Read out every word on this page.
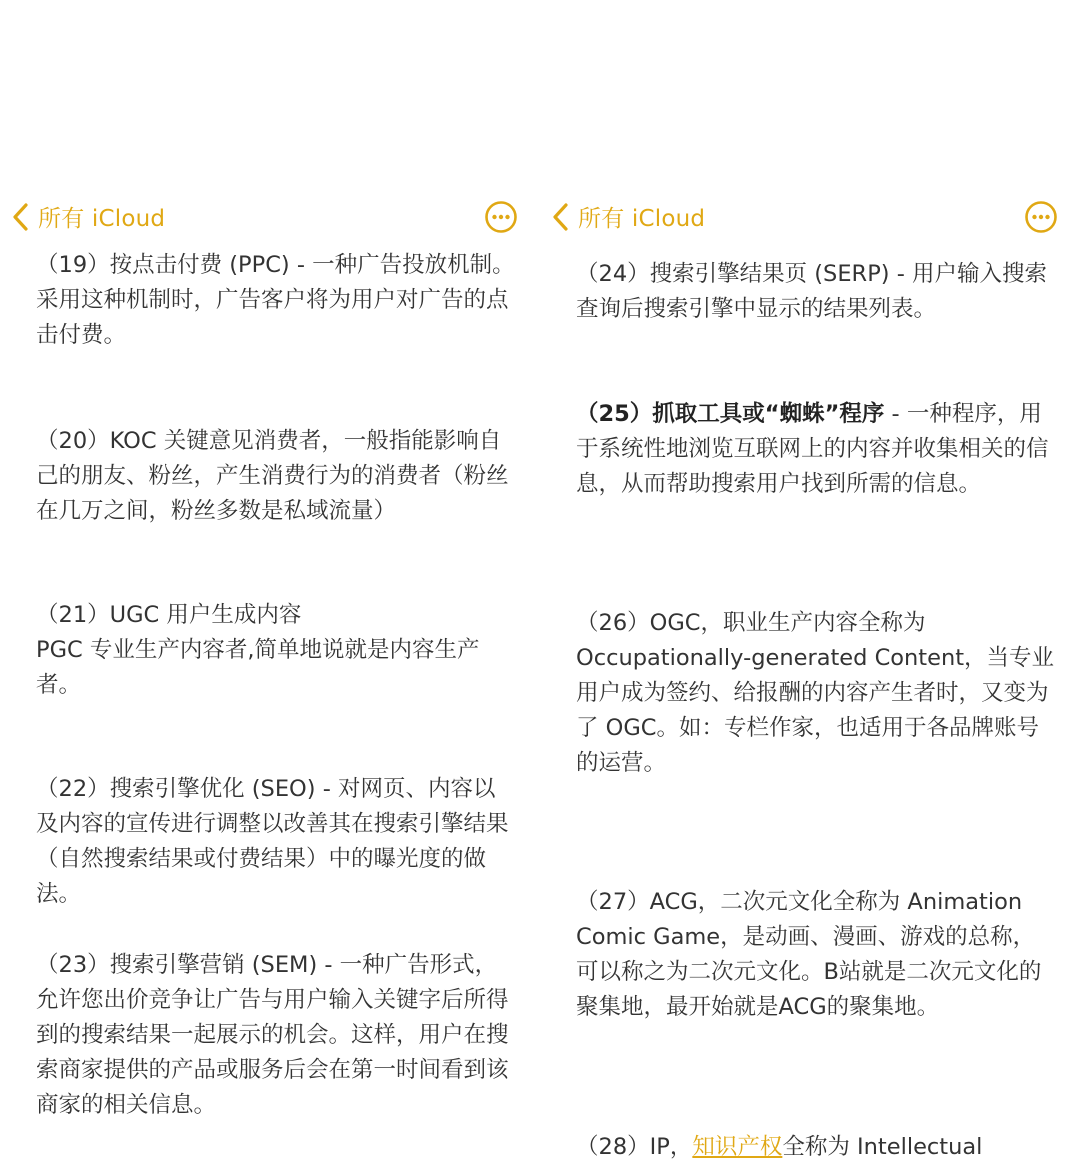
所有 iCloud

（19）按点击付费 (PPC) - 一种广告投放机制。采用这种机制时，广告客户将为用户对广告的点击付费。

（20）KOC 关键意见消费者，一般指能影响自己的朋友、粉丝，产生消费行为的消费者（粉丝在几万之间，粉丝多数是私域流量）

（21）UGC 用户生成内容
PGC 专业生产内容者,简单地说就是内容生产者。

（22）搜索引擎优化 (SEO) - 对网页、内容以及内容的宣传进行调整以改善其在搜索引擎结果（自然搜索结果或付费结果）中的曝光度的做法。

（23）搜索引擎营销 (SEM) - 一种广告形式，允许您出价竞争让广告与用户输入关键字后所得到的搜索结果一起展示的机会。这样，用户在搜索商家提供的产品或服务后会在第一时间看到该商家的相关信息。

所有 iCloud

（24）搜索引擎结果页 (SERP) - 用户输入搜索查询后搜索引擎中显示的结果列表。

（25）抓取工具或“蜘蛛”程序 - 一种程序，用于系统性地浏览互联网上的内容并收集相关的信息，从而帮助搜索用户找到所需的信息。

（26）OGC，职业生产内容全称为 Occupationally-generated Content，当专业用户成为签约、给报酬的内容产生者时，又变为了 OGC。如：专栏作家，也适用于各品牌账号的运营。

（27）ACG，二次元文化全称为 Animation Comic Game，是动画、漫画、游戏的总称，可以称之为二次元文化。B站就是二次元文化的聚集地，最开始就是ACG的聚集地。

（28）IP，知识产权全称为 Intellectual
